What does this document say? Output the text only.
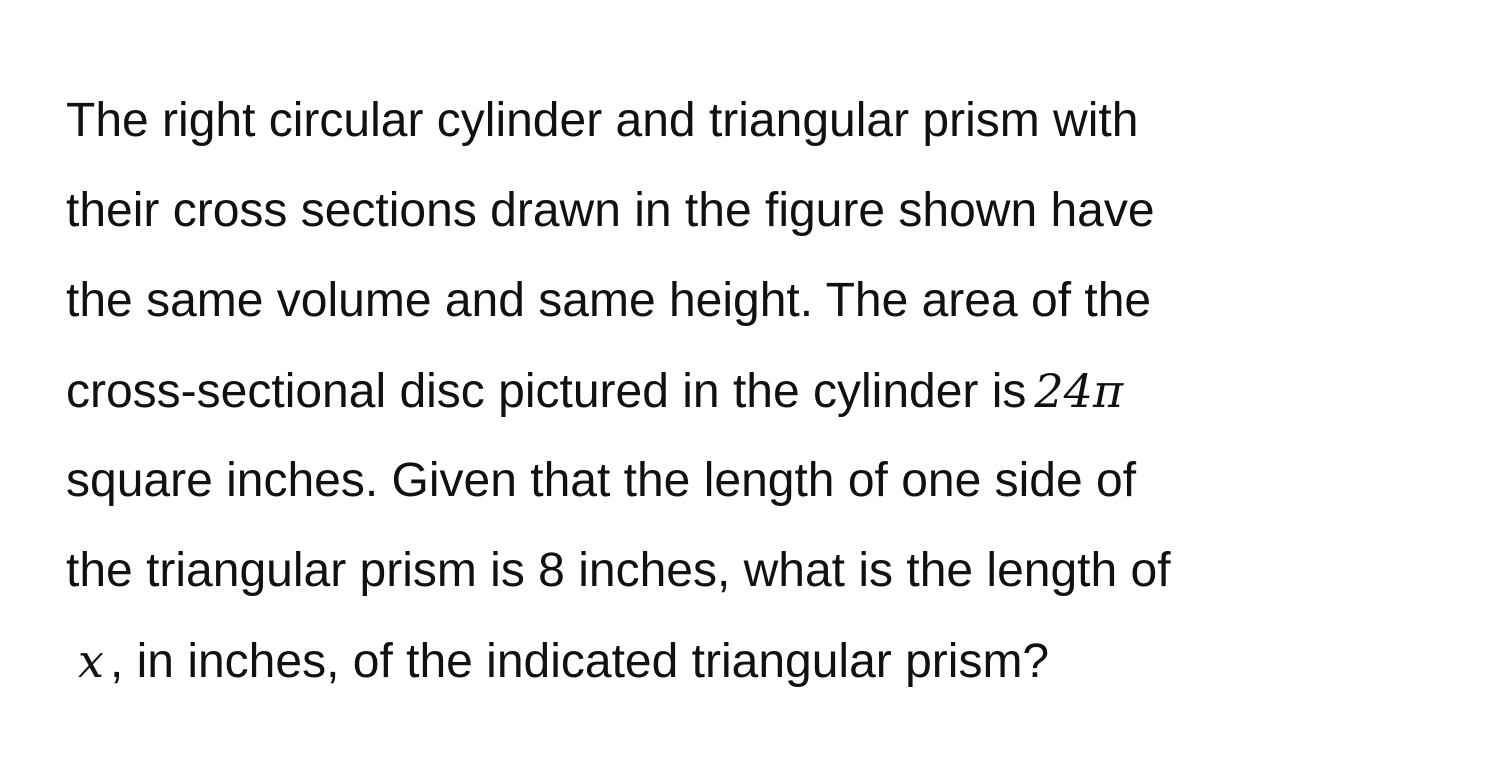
The right circular cylinder and triangular prism with
their cross sections drawn in the figure shown have
the same volume and same height. The area of the
cross-sectional disc pictured in the cylinder is 24π
square inches. Given that the length of one side of
the triangular prism is 8 inches, what is the length of
x , in inches, of the indicated triangular prism?
